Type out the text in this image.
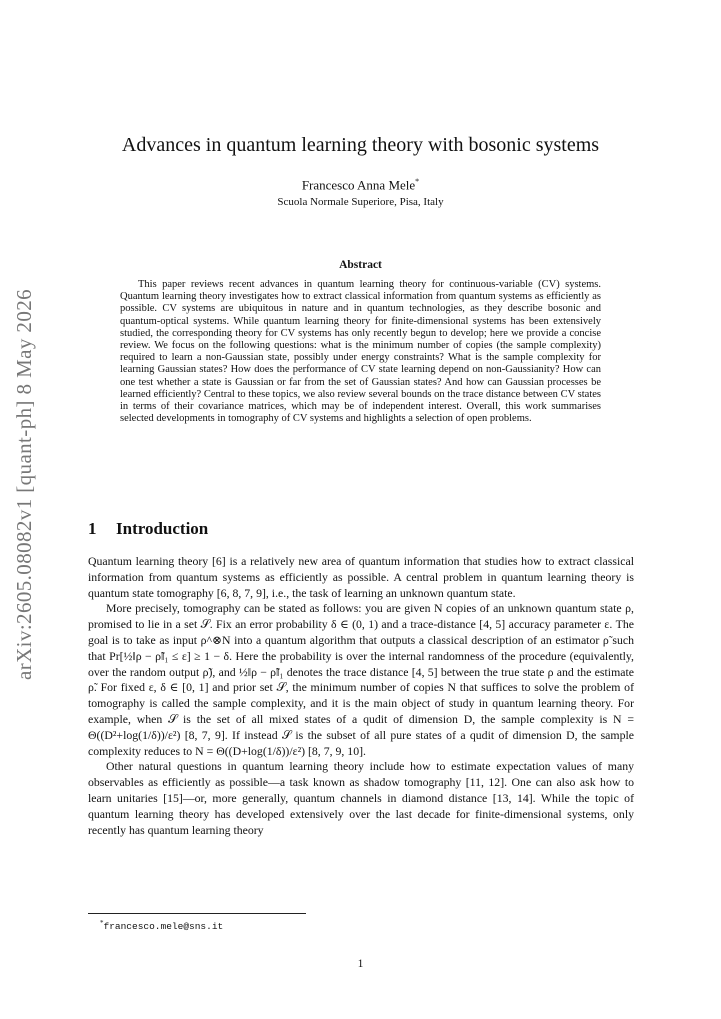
arXiv:2605.08082v1 [quant-ph] 8 May 2026
Advances in quantum learning theory with bosonic systems
Francesco Anna Mele*
Scuola Normale Superiore, Pisa, Italy
Abstract
This paper reviews recent advances in quantum learning theory for continuous-variable (CV) systems. Quantum learning theory investigates how to extract classical information from quantum systems as efficiently as possible. CV systems are ubiquitous in nature and in quantum technologies, as they describe bosonic and quantum-optical systems. While quantum learning theory for finite-dimensional systems has been extensively studied, the corresponding theory for CV systems has only recently begun to develop; here we provide a concise review. We focus on the following questions: what is the minimum number of copies (the sample complexity) required to learn a non-Gaussian state, possibly under energy constraints? What is the sample complexity for learning Gaussian states? How does the performance of CV state learning depend on non-Gaussianity? How can one test whether a state is Gaussian or far from the set of Gaussian states? And how can Gaussian processes be learned efficiently? Central to these topics, we also review several bounds on the trace distance between CV states in terms of their covariance matrices, which may be of independent interest. Overall, this work summarises selected developments in tomography of CV systems and highlights a selection of open problems.
1 Introduction

Quantum learning theory [6] is a relatively new area of quantum information that studies how to extract classical information from quantum systems as efficiently as possible. A central problem in quantum learning theory is quantum state tomography [6, 8, 7, 9], i.e., the task of learning an unknown quantum state.

More precisely, tomography can be stated as follows: you are given N copies of an unknown quantum state ρ, promised to lie in a set 𝒮. Fix an error probability δ ∈ (0, 1) and a trace-distance [4, 5] accuracy parameter ε. The goal is to take as input ρ^⊗N into a quantum algorithm that outputs a classical description of an estimator ρ̃ such that Pr[½‖ρ − ρ̃‖₁ ≤ ε] ≥ 1 − δ. Here the probability is over the internal randomness of the procedure (equivalently, over the random output ρ̃), and ½‖ρ − ρ̃‖₁ denotes the trace distance [4, 5] between the true state ρ and the estimate ρ̃. For fixed ε, δ ∈ [0, 1] and prior set 𝒮, the minimum number of copies N that suffices to solve the problem of tomography is called the sample complexity, and it is the main object of study in quantum learning theory. For example, when 𝒮 is the set of all mixed states of a qudit of dimension D, the sample complexity is N = Θ((D²+log(1/δ))/ε²) [8, 7, 9]. If instead 𝒮 is the subset of all pure states of a qudit of dimension D, the sample complexity reduces to N = Θ((D+log(1/δ))/ε²) [8, 7, 9, 10].

Other natural questions in quantum learning theory include how to estimate expectation values of many observables as efficiently as possible—a task known as shadow tomography [11, 12]. One can also ask how to learn unitaries [15]—or, more generally, quantum channels in diamond distance [13, 14]. While the topic of quantum learning theory has developed extensively over the last decade for finite-dimensional systems, only recently has quantum learning theory

*francesco.mele@sns.it
1
